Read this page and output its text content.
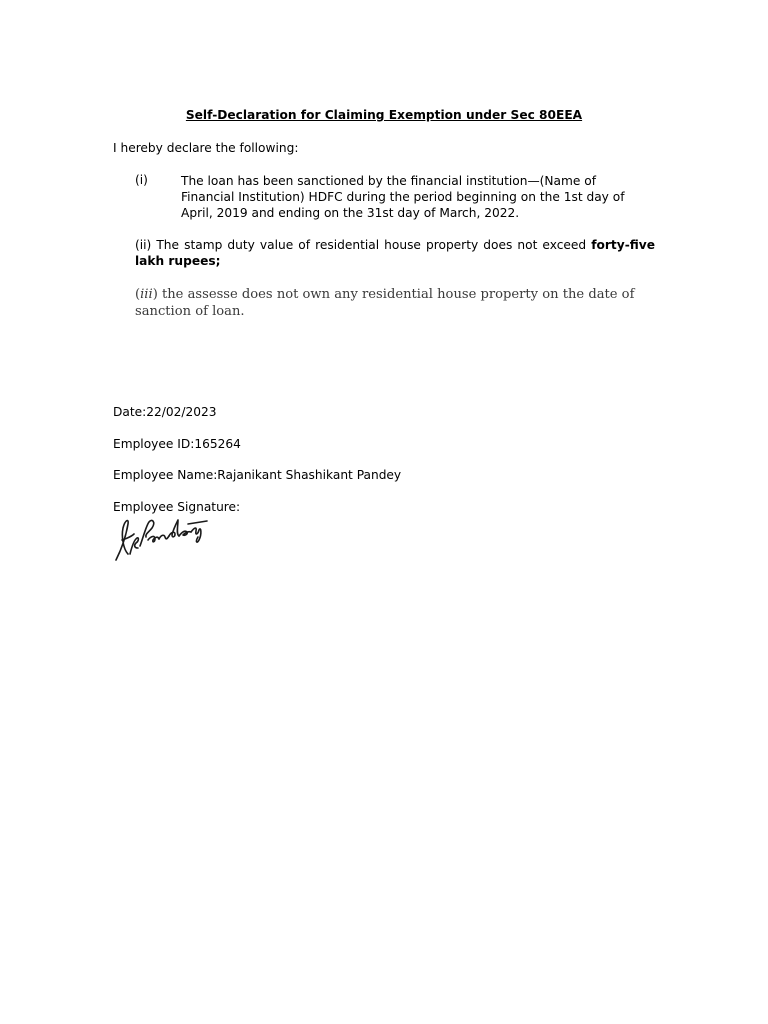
Self-Declaration for Claiming Exemption under Sec 80EEA
I hereby declare the following:
(i)	The loan has been sanctioned by the financial institution—(Name of Financial Institution) HDFC during the period beginning on the 1st day of April, 2019 and ending on the 31st day of March, 2022.
(ii) The stamp duty value of residential house property does not exceed forty-five lakh rupees;
(iii) the assesse does not own any residential house property on the date of sanction of loan.
Date:22/02/2023
Employee ID:165264
Employee Name:Rajanikant Shashikant Pandey
Employee Signature:
